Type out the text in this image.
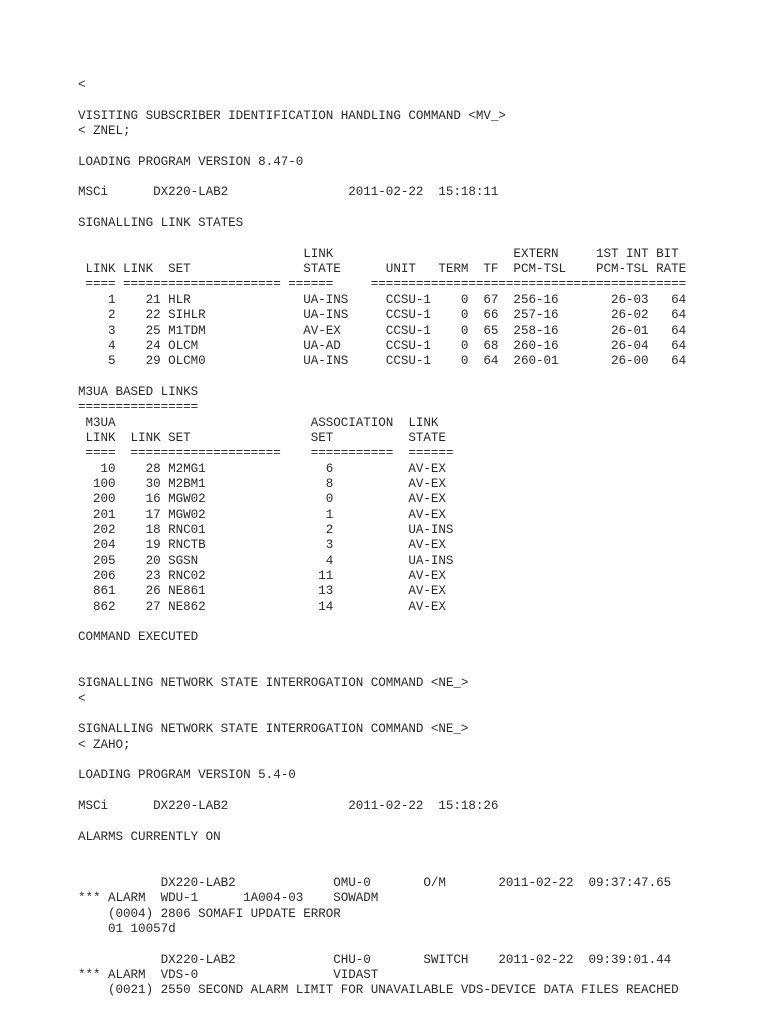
<

VISITING SUBSCRIBER IDENTIFICATION HANDLING COMMAND <MV_>
< ZNEL;

LOADING PROGRAM VERSION 8.47-0

MSCi      DX220-LAB2                2011-02-22  15:18:11

SIGNALLING LINK STATES

LINK                        EXTERN     1ST INT BIT
LINK LINK  SET               STATE      UNIT   TERM  TF  PCM-TSL    PCM-TSL RATE
==== ===================== ======     ==========================================
1    21 HLR               UA-INS     CCSU-1    0  67  256-16       26-03   64
2    22 SIHLR             UA-INS     CCSU-1    0  66  257-16       26-02   64
3    25 M1TDM             AV-EX      CCSU-1    0  65  258-16       26-01   64
4    24 OLCM              UA-AD      CCSU-1    0  68  260-16       26-04   64
5    29 OLCM0             UA-INS     CCSU-1    0  64  260-01       26-00   64

M3UA BASED LINKS
================
M3UA                          ASSOCIATION  LINK
LINK  LINK SET                SET          STATE
====  ====================    ===========  ======
10    28 M2MG1                6          AV-EX
100    30 M2BM1                8          AV-EX
200    16 MGW02                0          AV-EX
201    17 MGW02                1          AV-EX
202    18 RNC01                2          UA-INS
204    19 RNCTB                3          AV-EX
205    20 SGSN                 4          UA-INS
206    23 RNC02               11          AV-EX
861    26 NE861               13          AV-EX
862    27 NE862               14          AV-EX

COMMAND EXECUTED

SIGNALLING NETWORK STATE INTERROGATION COMMAND <NE_>
<

SIGNALLING NETWORK STATE INTERROGATION COMMAND <NE_>
< ZAHO;

LOADING PROGRAM VERSION 5.4-0

MSCi      DX220-LAB2                2011-02-22  15:18:26

ALARMS CURRENTLY ON

DX220-LAB2             OMU-0       O/M       2011-02-22  09:37:47.65
*** ALARM  WDU-1      1A004-03    SOWADM
(0004) 2806 SOMAFI UPDATE ERROR
01 10057d

DX220-LAB2             CHU-0       SWITCH    2011-02-22  09:39:01.44
*** ALARM  VDS-0                  VIDAST
(0021) 2550 SECOND ALARM LIMIT FOR UNAVAILABLE VDS-DEVICE DATA FILES REACHED
